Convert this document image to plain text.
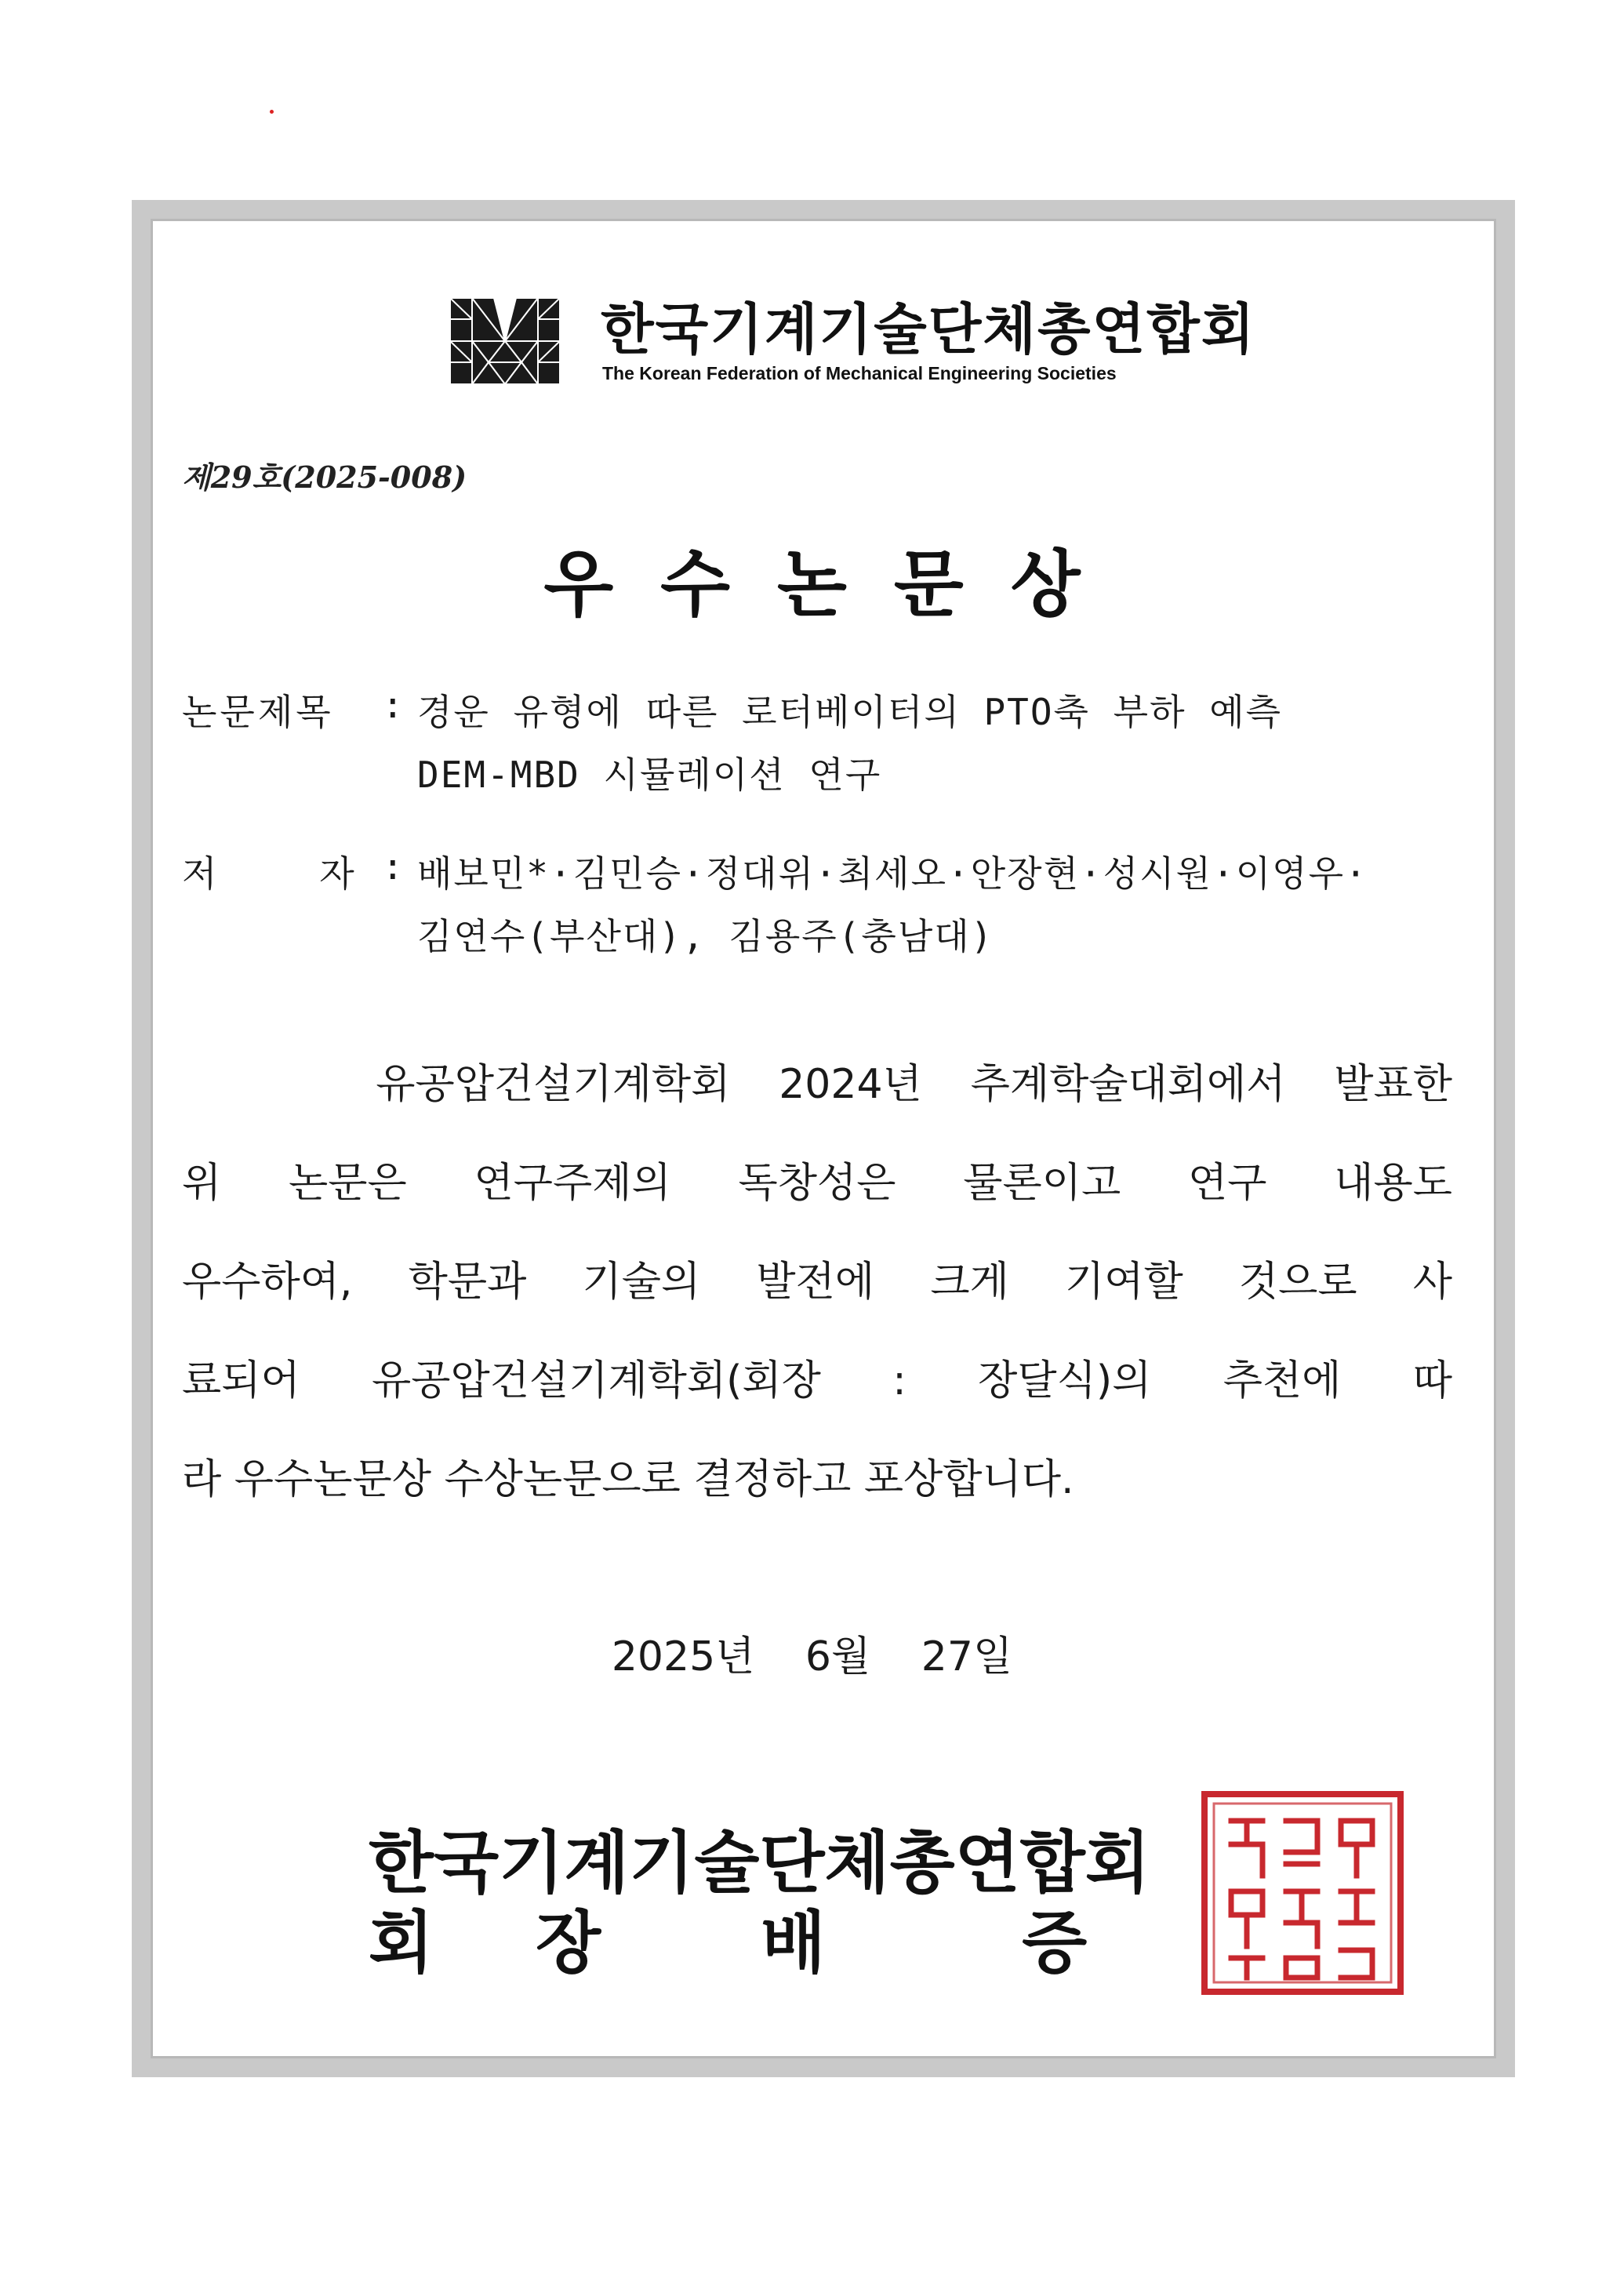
한국기계기술단체총연합회
The Korean Federation of Mechanical Engineering Societies
제29호(2025-008)
우수논문상
논문제목 : 경운 유형에 따른 로터베이터의 PTO축 부하 예측
DEM-MBD 시뮬레이션 연구
저    자 : 배보민*·김민승·정대위·최세오·안장현·성시원·이영우·
김연수(부산대), 김용주(충남대)
유공압건설기계학회 2024년 추계학술대회에서 발표한
위 논문은 연구주제의 독창성은 물론이고 연구 내용도
우수하여, 학문과 기술의 발전에 크게 기여할 것으로 사
료되어 유공압건설기계학회(회장 : 장달식)의 추천에 따
라 우수논문상 수상논문으로 결정하고 포상합니다.
2025년 6월 27일
한국기계기술단체총연합회
회장 배증
